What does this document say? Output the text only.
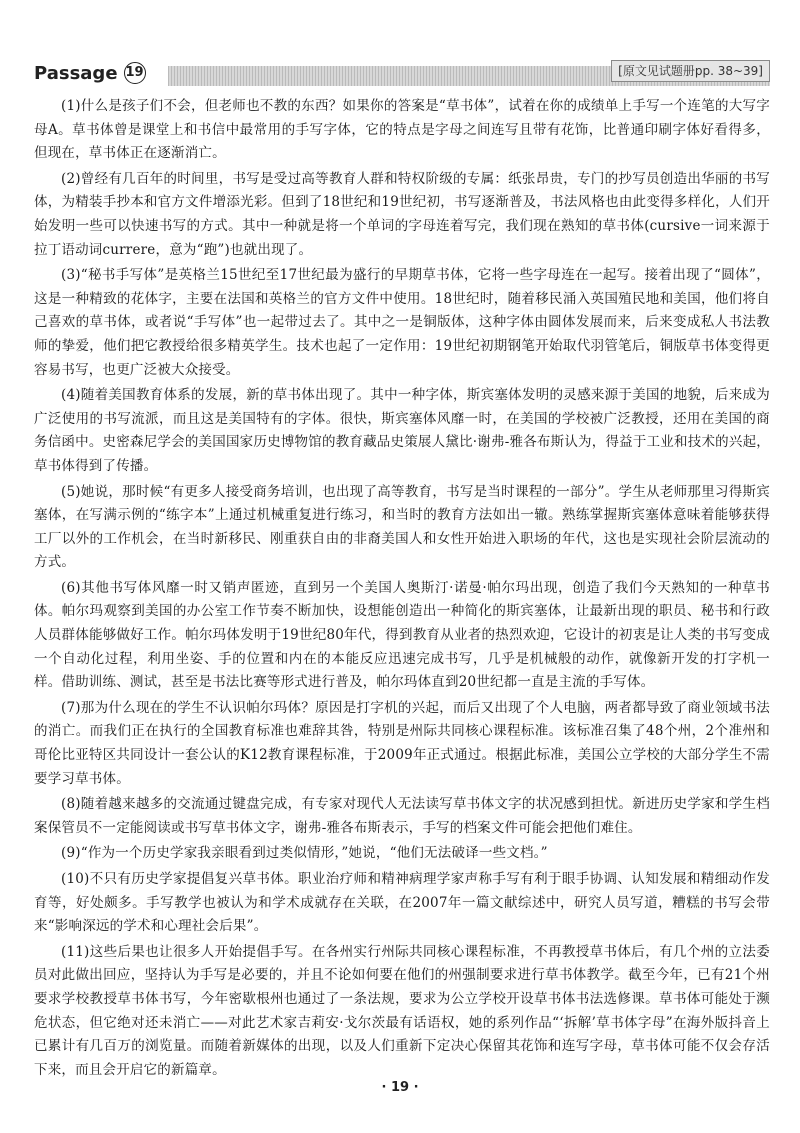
Passage 19	[原文见试题册pp. 38~39]

(1)什么是孩子们不会，但老师也不教的东西？如果你的答案是“草书体”，试着在你的成绩单上手写一个连笔的大写字母A。草书体曾是课堂上和书信中最常用的手写字体，它的特点是字母之间连写且带有花饰，比普通印刷字体好看得多，但现在，草书体正在逐渐消亡。

(2)曾经有几百年的时间里，书写是受过高等教育人群和特权阶级的专属：纸张昂贵，专门的抄写员创造出华丽的书写体，为精装手抄本和官方文件增添光彩。但到了18世纪和19世纪初，书写逐渐普及，书法风格也由此变得多样化，人们开始发明一些可以快速书写的方式。其中一种就是将一个单词的字母连着写完，我们现在熟知的草书体(cursive一词来源于拉丁语动词currere，意为“跑”)也就出现了。

(3)“秘书手写体”是英格兰15世纪至17世纪最为盛行的早期草书体，它将一些字母连在一起写。接着出现了“圆体”，这是一种精致的花体字，主要在法国和英格兰的官方文件中使用。18世纪时，随着移民涌入英国殖民地和美国，他们将自己喜欢的草书体，或者说“手写体”也一起带过去了。其中之一是铜版体，这种字体由圆体发展而来，后来变成私人书法教师的挚爱，他们把它教授给很多精英学生。技术也起了一定作用：19世纪初期钢笔开始取代羽管笔后，铜版草书体变得更容易书写，也更广泛被大众接受。

(4)随着美国教育体系的发展，新的草书体出现了。其中一种字体，斯宾塞体发明的灵感来源于美国的地貌，后来成为广泛使用的书写流派，而且这是美国特有的字体。很快，斯宾塞体风靡一时，在美国的学校被广泛教授，还用在美国的商务信函中。史密森尼学会的美国国家历史博物馆的教育藏品史策展人黛比·谢弗-雅各布斯认为，得益于工业和技术的兴起，草书体得到了传播。

(5)她说，那时候“有更多人接受商务培训，也出现了高等教育，书写是当时课程的一部分”。学生从老师那里习得斯宾塞体，在写满示例的“练字本”上通过机械重复进行练习，和当时的教育方法如出一辙。熟练掌握斯宾塞体意味着能够获得工厂以外的工作机会，在当时新移民、刚重获自由的非裔美国人和女性开始进入职场的年代，这也是实现社会阶层流动的方式。

(6)其他书写体风靡一时又销声匿迹，直到另一个美国人奥斯汀·诺曼·帕尔玛出现，创造了我们今天熟知的一种草书体。帕尔玛观察到美国的办公室工作节奏不断加快，设想能创造出一种简化的斯宾塞体，让最新出现的职员、秘书和行政人员群体能够做好工作。帕尔玛体发明于19世纪80年代，得到教育从业者的热烈欢迎，它设计的初衷是让人类的书写变成一个自动化过程，利用坐姿、手的位置和内在的本能反应迅速完成书写，几乎是机械般的动作，就像新开发的打字机一样。借助训练、测试，甚至是书法比赛等形式进行普及，帕尔玛体直到20世纪都一直是主流的手写体。

(7)那为什么现在的学生不认识帕尔玛体？原因是打字机的兴起，而后又出现了个人电脑，两者都导致了商业领域书法的消亡。而我们正在执行的全国教育标准也难辞其咎，特别是州际共同核心课程标准。该标准召集了48个州，2个准州和哥伦比亚特区共同设计一套公认的K12教育课程标准，于2009年正式通过。根据此标准，美国公立学校的大部分学生不需要学习草书体。

(8)随着越来越多的交流通过键盘完成，有专家对现代人无法读写草书体文字的状况感到担忧。新进历史学家和学生档案保管员不一定能阅读或书写草书体文字，谢弗-雅各布斯表示，手写的档案文件可能会把他们难住。

(9)“作为一个历史学家我亲眼看到过类似情形，”她说，“他们无法破译一些文档。”

(10)不只有历史学家提倡复兴草书体。职业治疗师和精神病理学家声称手写有利于眼手协调、认知发展和精细动作发育等，好处颇多。手写教学也被认为和学术成就存在关联，在2007年一篇文献综述中，研究人员写道，糟糕的书写会带来“影响深远的学术和心理社会后果”。

(11)这些后果也让很多人开始提倡手写。在各州实行州际共同核心课程标准，不再教授草书体后，有几个州的立法委员对此做出回应，坚持认为手写是必要的，并且不论如何要在他们的州强制要求进行草书体教学。截至今年，已有21个州要求学校教授草书体书写，今年密歇根州也通过了一条法规，要求为公立学校开设草书体书法选修课。草书体可能处于濒危状态，但它绝对还未消亡——对此艺术家吉莉安·戈尔茨最有话语权，她的系列作品“‘拆解’草书体字母”在海外版抖音上已累计有几百万的浏览量。而随着新媒体的出现，以及人们重新下定决心保留其花饰和连写字母，草书体可能不仅会存活下来，而且会开启它的新篇章。

· 19 ·
